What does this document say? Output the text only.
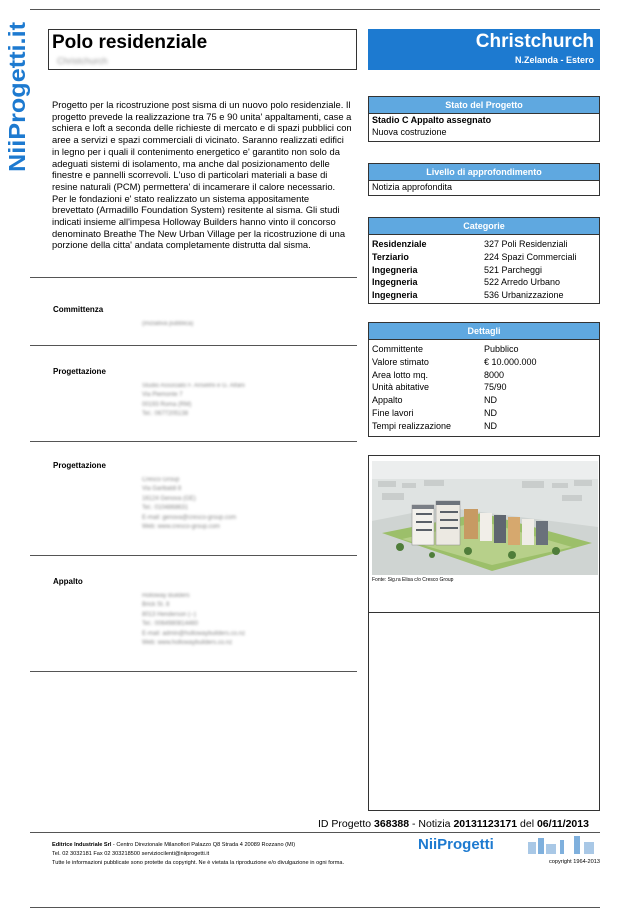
NiiProgetti.it Polo residenziale
Christchurch
Christchurch
N.Zelanda - Estero
Progetto per la ricostruzione post sisma di un nuovo polo residenziale. Il progetto prevede la realizzazione tra 75 e 90 unita' appaltamenti, case a schiera e loft a seconda delle richieste di mercato e di spazi pubblici con aree a servizi e spazi commerciali di vicinato. Saranno realizzati edifici in legno per i quali il contenimento energetico e' garantito non solo da adeguati sistemi di isolamento, ma anche dal posizionamento delle finestre e pannelli scorrevoli. L'uso di particolari materiali a base di resine naturali (PCM) permettera' di incamerare il calore necessario. Per le fondazioni e' stato realizzato un sistema appositamente brevettato (Armadillo Foundation System) resitente al sisma. Gli studi indicati insieme all'impesa Holloway Builders hanno vinto il concorso denominato Breathe The New Urban Village per la ricostruzione di una porzione della citta' andata completamente distrutta dal sisma.
Committenza
(Iniziativa pubblica)
Progettazione
Studio Associato F. Anselmi e G. Alfani
Via Piemonte 7
00193 Roma (RM)
Tel.: 0677205138
Progettazione
Cresco Group
Via Garibaldi 8
16124 Genova (GE)
Tel.: 0104868631
E-mail: genova@cresco-group.com
Web: www.cresco-group.com
Appalto
Holloway Builders
Brick St. 8
8013 Henderson (--)
Tel.: 0064980814460
E-mail: admin@hollowaybuilders.co.nz
Web: www.hollowaybuilders.co.nz
Stato del Progetto
Stadio C Appalto assegnato
Nuova costruzione
Livello di approfondimento
Notizia approfondita
Categorie
Residenziale	327 Poli Residenziali
Terziario	224 Spazi Commerciali
Ingegneria	521 Parcheggi
Ingegneria	522 Arredo Urbano
Ingegneria	536 Urbanizzazione
Dettagli
Committente	Pubblico
Valore stimato	€ 10.000.000
Area lotto mq.	8000
Unità abitative	75/90
Appalto	ND
Fine lavori	ND
Tempi realizzazione	ND
Fonte: Sig.ra Elisa c/o Cresco Group
ID Progetto 368388 - Notizia 20131123171 del 06/11/2013
Editrice Industriale Srl - Centro Direzionale Milanofiori Palazzo Q8 Strada 4 20089 Rozzano (MI)
Tel. 02 3032181 Fax 02 303218500 serviziocilenti@niiprogetti.it
Tutte le informazioni pubblicate sono protette da copyright. Ne è vietata la riproduzione e/o divulgazione in ogni forma.
NiiProgetti
copyright 1964-2013
